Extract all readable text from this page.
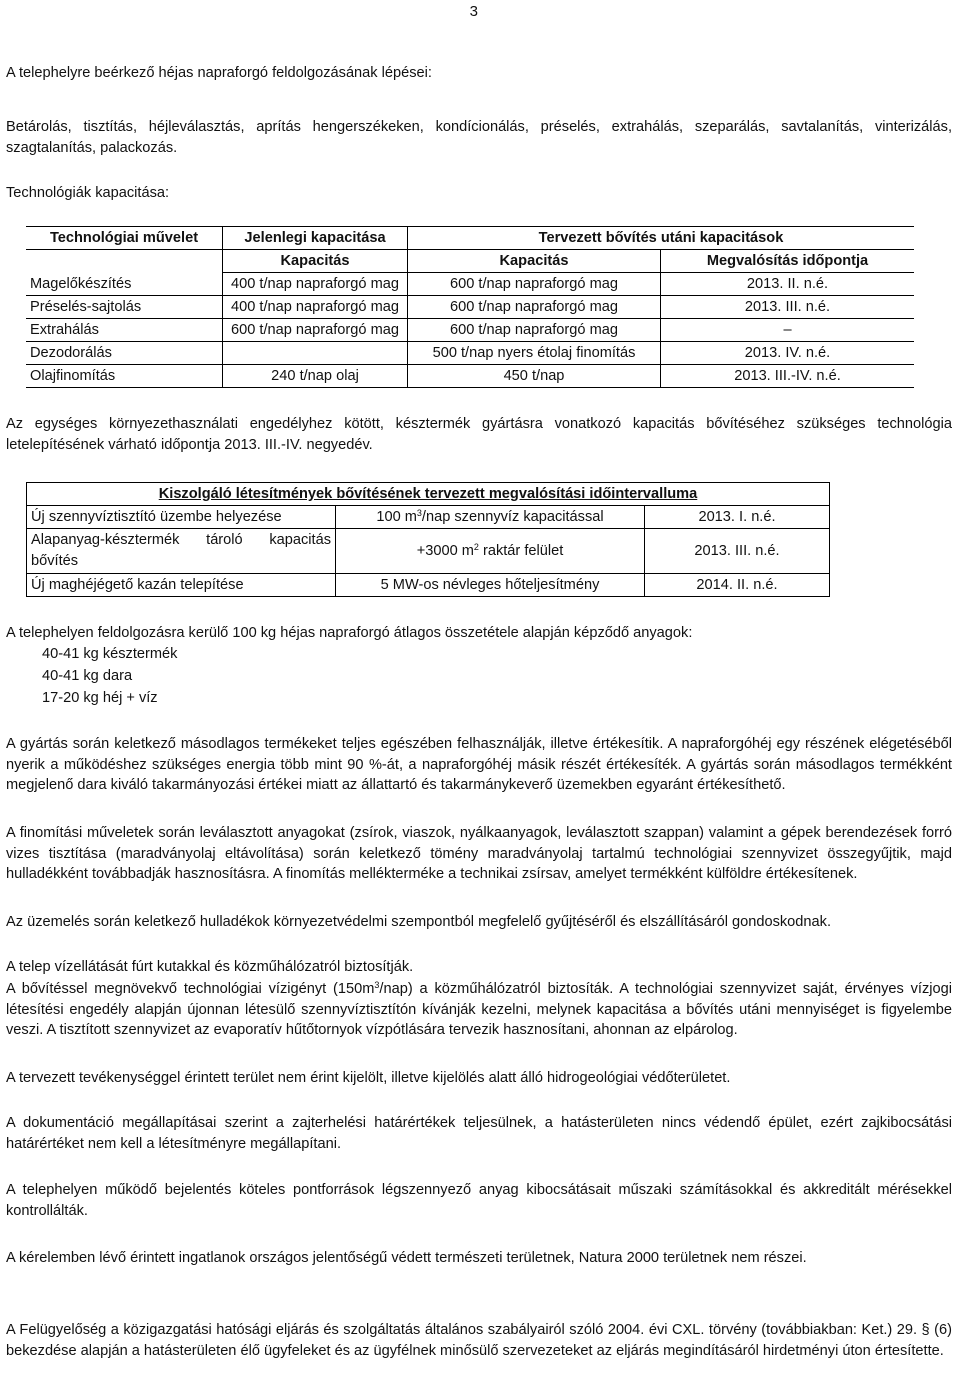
3
A telephelyre beérkező héjas napraforgó feldolgozásának lépései:
Betárolás, tisztítás, héjleválasztás, aprítás hengerszékeken, kondícionálás, préselés, extrahálás, szeparálás, savtalanítás, vinterizálás, szagtalanítás, palackozás.
Technológiák kapacitása:
Technológiai művelet	Jelenlegi kapacitása	Tervezett bővítés utáni kapacitások	
	Kapacitás	Kapacitás	Megvalósítás időpontja
Magelőkészítés	400 t/nap napraforgó mag	600 t/nap napraforgó mag	2013. II. n.é.
Préselés-sajtolás	400 t/nap napraforgó mag	600 t/nap napraforgó mag	2013. III. n.é.
Extrahálás	600 t/nap napraforgó mag	600 t/nap napraforgó mag	–
Dezodorálás		500 t/nap nyers étolaj finomítás	2013. IV. n.é.
Olajfinomítás	240 t/nap olaj	450 t/nap	2013. III.-IV. n.é.
Az egységes környezethasználati engedélyhez kötött, késztermék gyártásra vonatkozó kapacitás bővítéséhez szükséges technológia letelepítésének várható időpontja 2013. III.-IV. negyedév.
Kiszolgáló létesítmények bővítésének tervezett megvalósítási időintervalluma		
Új szennyvíztisztító üzembe helyezése	100 $m^3$/nap szennyvíz kapacitással	2013. I. n.é.
Alapanyag-késztermék tároló kapacitás bővítés	+3000 $m^2$ raktár felület	2013. III. n.é.
Új maghéjégető kazán telepítése	5 MW-os névleges hőteljesítmény	2014. II. n.é.
A telephelyen feldolgozásra kerülő 100 kg héjas napraforgó átlagos összetétele alapján képződő anyagok:
40-41 kg késztermék
40-41 kg dara
17-20 kg héj + víz
A gyártás során keletkező másodlagos termékeket teljes egészében felhasználják, illetve értékesítik. A napraforgóhéj egy részének elégetéséből nyerik a működéshez szükséges energia több mint 90 %-át, a napraforgóhéj másik részét értékesíték. A gyártás során másodlagos termékként megjelenő dara kiváló takarmányozási értékei miatt az állattartó és takarmánykeverő üzemekben egyaránt értékesíthető.
A finomítási műveletek során leválasztott anyagokat (zsírok, viaszok, nyálkaanyagok, leválasztott szappan) valamint a gépek berendezések forró vizes tisztítása (maradványolaj eltávolítása) során keletkező tömény maradványolaj tartalmú technológiai szennyvizet összegyűjtik, majd hulladékként továbbadják hasznosításra. A finomítás mellékterméke a technikai zsírsav, amelyet termékként külföldre értékesítenek.
Az üzemelés során keletkező hulladékok környezetvédelmi szempontból megfelelő gyűjtéséről és elszállításáról gondoskodnak.
A telep vízellátását fúrt kutakkal és közműhálózatról biztosítják.
A bővítéssel megnövekvő technológiai vízigényt $(150m^3/nap)$ a közműhálózatról biztosíták. A technológiai szennyvizet saját, érvényes vízjogi létesítési engedély alapján újonnan létesülő szennyvíztisztítón kívánják kezelni, melynek kapacitása a bővítés utáni mennyiséget is figyelembe veszi. A tisztított szennyvizet az evaporatív hűtőtornyok vízpótlására tervezik hasznosítani, ahonnan az elpárolog.
A tervezett tevékenységgel érintett terület nem érint kijelölt, illetve kijelölés alatt álló hidrogeológiai védőterületet.
A dokumentáció megállapításai szerint a zajterhelési határértékek teljesülnek, a hatásterületen nincs védendő épület, ezért zajkibocsátási határértéket nem kell a létesítményre megállapítani.
A telephelyen működő bejelentés köteles pontforrások légszennyező anyag kibocsátásait műszaki számításokkal és akkreditált mérésekkel kontrollálták.
A kérelemben lévő érintett ingatlanok országos jelentőségű védett természeti területnek, Natura 2000 területnek nem részei.
A Felügyelőség a közigazgatási hatósági eljárás és szolgáltatás általános szabályairól szóló 2004. évi CXL. törvény (továbbiakban: Ket.) 29. § (6) bekezdése alapján a hatásterületen élő ügyfeleket és az ügyfélnek minősülő szervezeteket az eljárás megindításáról hirdetményi úton értesítette.
